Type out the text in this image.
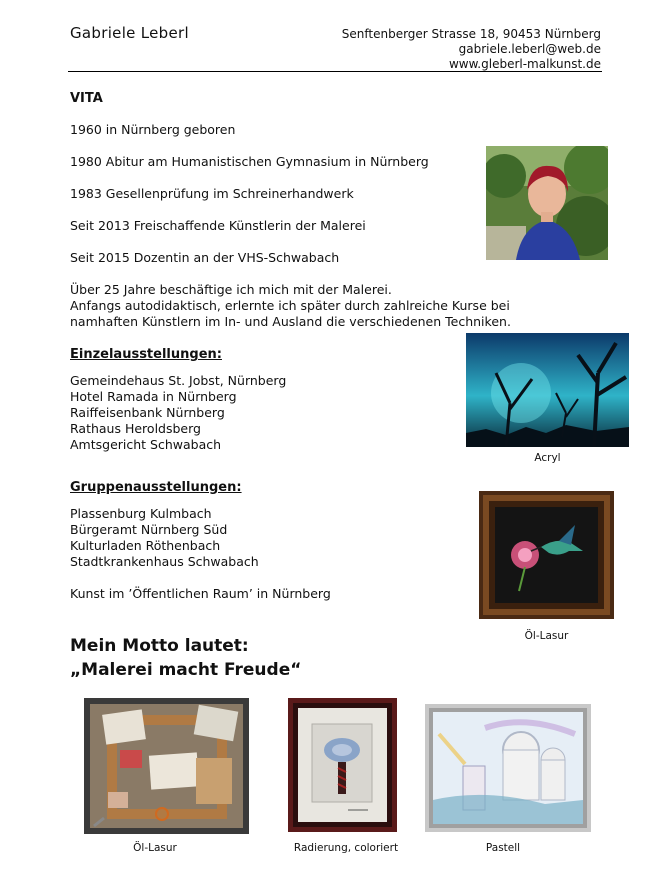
Gabriele Leberl	Senftenberger Strasse 18, 90453 Nürnberg
gabriele.leberl@web.de
www.gleberl-malkunst.de
VITA
1960 in Nürnberg geboren
1980 Abitur am Humanistischen Gymnasium in Nürnberg
1983 Gesellenprüfung im Schreinerhandwerk
Seit 2013 Freischaffende Künstlerin der Malerei
Seit 2015 Dozentin an der VHS-Schwabach
Über 25 Jahre beschäftige ich mich mit der Malerei.
Anfangs autodidaktisch, erlernte ich später durch zahlreiche Kurse bei
namhaften Künstlern im In- und Ausland die verschiedenen Techniken.
Einzelausstellungen:
Gemeindehaus St. Jobst, Nürnberg
Hotel Ramada in Nürnberg
Raiffeisenbank Nürnberg
Rathaus Heroldsberg
Amtsgericht Schwabach
Acryl
Gruppenausstellungen:
Plassenburg Kulmbach
Bürgeramt Nürnberg Süd
Kulturladen Röthenbach
Stadtkrankenhaus Schwabach
Kunst im ’Öffentlichen Raum’ in Nürnberg
Öl-Lasur
Mein Motto lautet:
„Malerei macht Freude“
Öl-Lasur	Radierung, coloriert	Pastell
